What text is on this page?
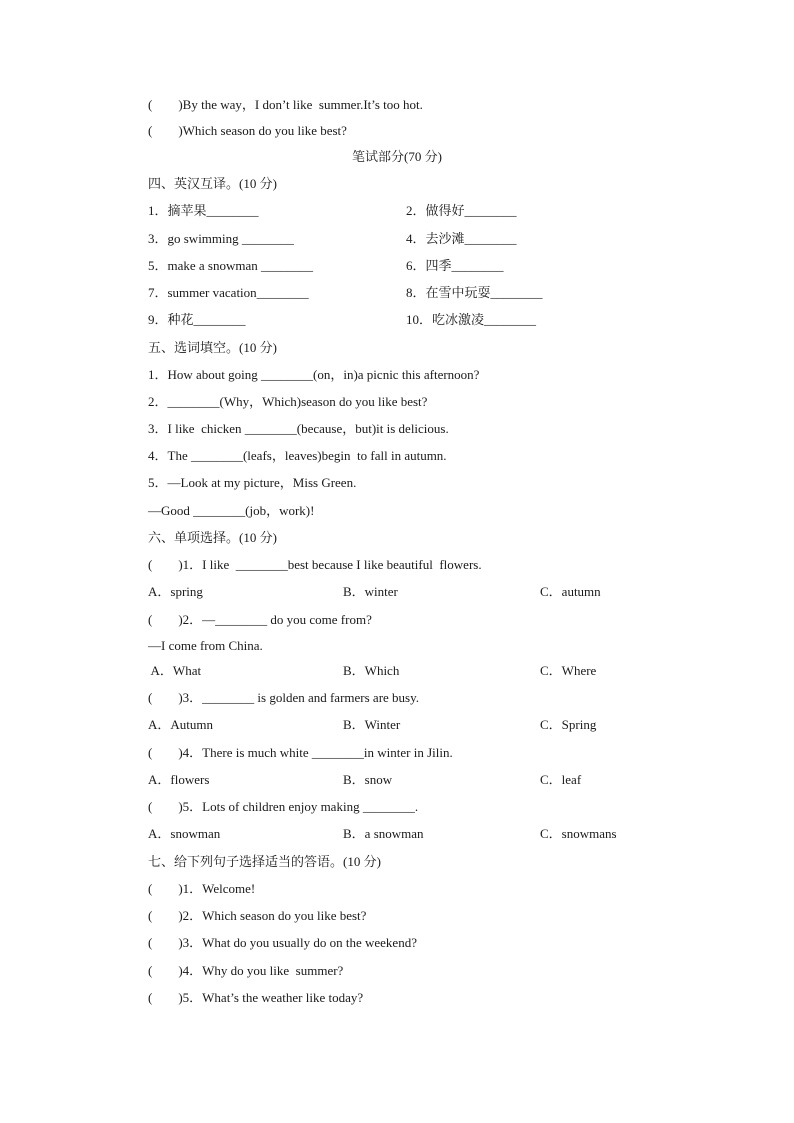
(　　)By the way，I don’t like  summer.It’s too hot.
(　　)Which season do you like best?
笔试部分(70 分)
四、英汉互译。(10 分)
1．摘苹果________	2．做得好________
3．go swimming ________	4．去沙滩________
5．make a snowman ________	6．四季________
7．summer vacation________	8．在雪中玩耍________
9．种花________	10．吃冰激凌________
五、选词填空。(10 分)
1．How about going ________(on，in)a picnic this afternoon?
2．________(Why，Which)season do you like best?
3．I like  chicken ________(because，but)it is delicious.
4．The ________(leafs，leaves)begin  to fall in autumn.
5．—Look at my picture，Miss Green.
—Good ________(job，work)!
六、单项选择。(10 分)
(　　)1．I like  ________best because I like beautiful  flowers.
A．spring	B．winter	C．autumn
(　　)2．—________ do you come from?
—I come from China.
A．What	B．Which	C．Where
(　　)3．________ is golden and farmers are busy.
A．Autumn	B．Winter	C．Spring
(　　)4．There is much white ________in winter in Jilin.
A．flowers	B．snow	C．leaf
(　　)5．Lots of children enjoy making ________.
A．snowman	B．a snowman	C．snowmans
七、给下列句子选择适当的答语。(10 分)
(　　)1．Welcome!
(　　)2．Which season do you like best?
(　　)3．What do you usually do on the weekend?
(　　)4．Why do you like  summer?
(　　)5．What’s the weather like today?
